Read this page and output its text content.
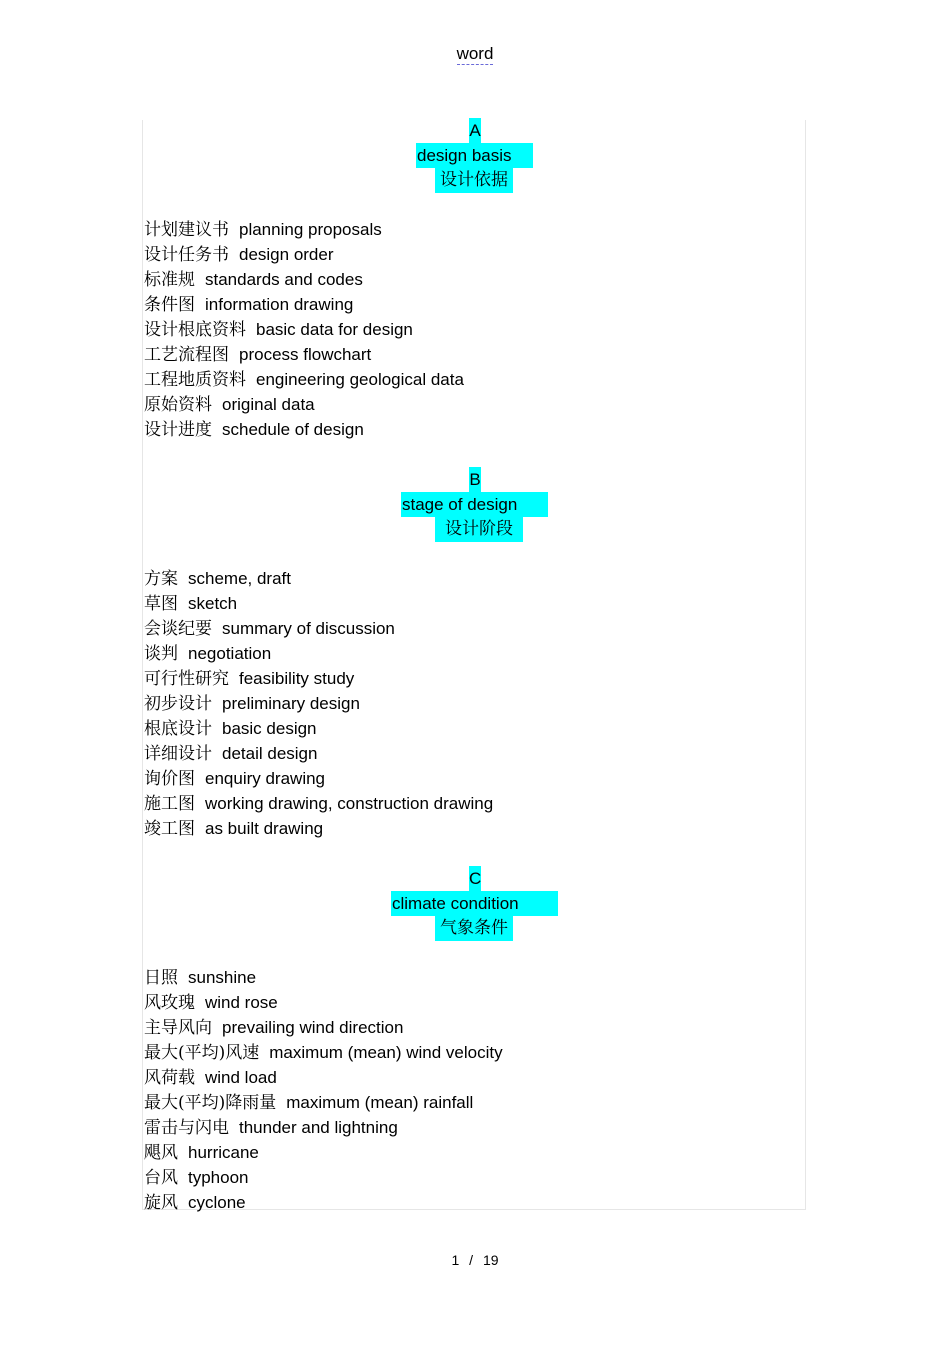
word
A
design basis
设计依据
计划建议书 planning proposals
设计任务书 design order
标准规 standards and codes
条件图 information drawing
设计根底资料 basic data for design
工艺流程图 process flowchart
工程地质资料 engineering geological data
原始资料 original data
设计进度 schedule of design
B
stage of design
设计阶段
方案 scheme, draft
草图 sketch
会谈纪要 summary of discussion
谈判 negotiation
可行性研究 feasibility study
初步设计 preliminary design
根底设计 basic design
详细设计 detail design
询价图 enquiry drawing
施工图 working drawing, construction drawing
竣工图 as built drawing
C
climate condition
气象条件
日照 sunshine
风玫瑰 wind rose
主导风向 prevailing wind direction
最大(平均)风速 maximum (mean) wind velocity
风荷载 wind load
最大(平均)降雨量 maximum (mean) rainfall
雷击与闪电 thunder and lightning
飓风 hurricane
台风 typhoon
旋风 cyclone
1 / 19
